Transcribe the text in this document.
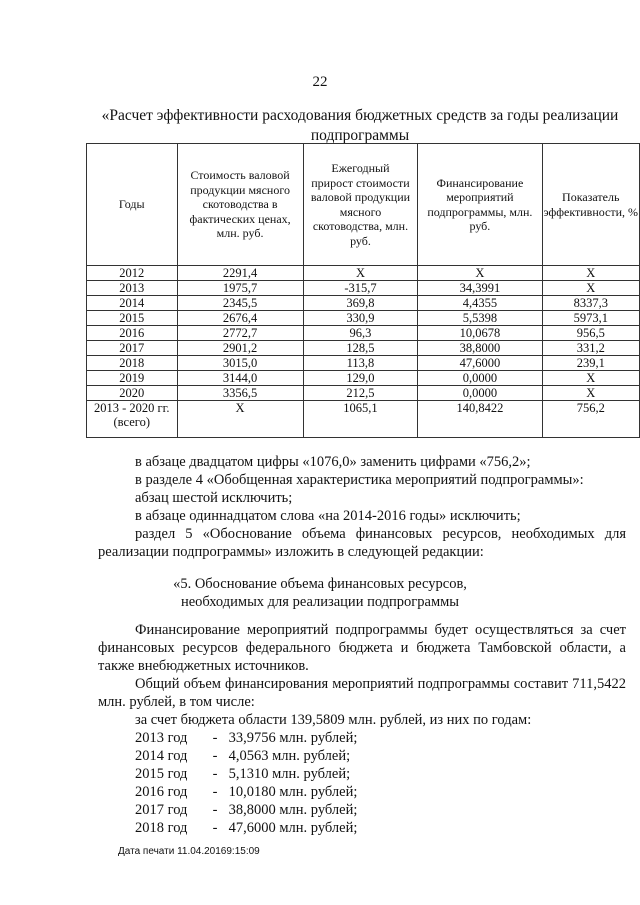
22
«Расчет эффективности расходования бюджетных средств за годы реализации подпрограммы
Годы	Стоимость валовой продукции мясного скотоводства в фактических ценах, млн. руб.	Ежегодный прирост стоимости валовой продукции мясного скотоводства, млн. руб.	Финансирование мероприятий подпрограммы, млн. руб.	Показатель эффективности, %
2012	2291,4	X	X	X
2013	1975,7	-315,7	34,3991	X
2014	2345,5	369,8	4,4355	8337,3
2015	2676,4	330,9	5,5398	5973,1
2016	2772,7	96,3	10,0678	956,5
2017	2901,2	128,5	38,8000	331,2
2018	3015,0	113,8	47,6000	239,1
2019	3144,0	129,0	0,0000	X
2020	3356,5	212,5	0,0000	X
2013 - 2020 гг. (всего)	X	1065,1	140,8422	756,2
в абзаце двадцатом цифры «1076,0» заменить цифрами «756,2»;
в разделе 4 «Обобщенная характеристика мероприятий подпрограммы»:
абзац шестой исключить;
в абзаце одиннадцатом слова «на 2014-2016 годы» исключить;
раздел 5 «Обоснование объема финансовых ресурсов, необходимых для реализации подпрограммы» изложить в следующей редакции:
«5. Обоснование объема финансовых ресурсов,
необходимых для реализации подпрограммы
Финансирование мероприятий подпрограммы будет осуществляться за счет финансовых ресурсов федерального бюджета и бюджета Тамбовской области, а также внебюджетных источников.
Общий объем финансирования мероприятий подпрограммы составит 711,5422 млн. рублей, в том числе:
за счет бюджета области 139,5809 млн. рублей, из них по годам:
2013 год - 33,9756 млн. рублей;
2014 год - 4,0563 млн. рублей;
2015 год - 5,1310 млн. рублей;
2016 год - 10,0180 млн. рублей;
2017 год - 38,8000 млн. рублей;
2018 год - 47,6000 млн. рублей;
Дата печати 11.04.20169:15:09
